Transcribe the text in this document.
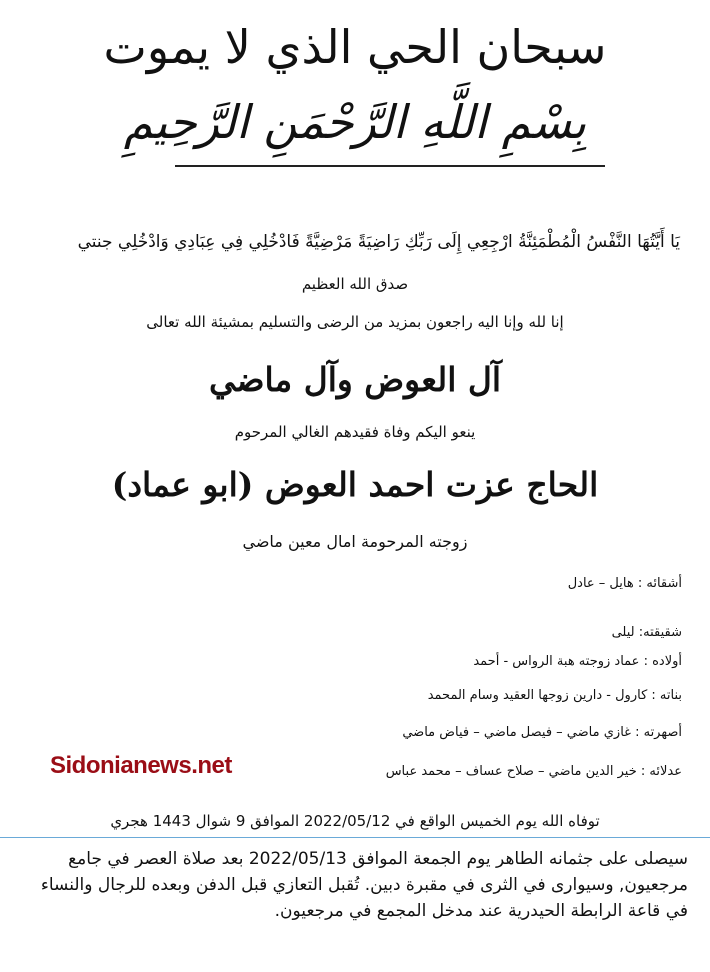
سبحان الحي الذي لا يموت
بِسْمِ اللَّهِ الرَّحْمَنِ الرَّحِيمِ
يَا أَيَّتُهَا النَّفْسُ الْمُطْمَئِنَّةُ ارْجِعِي إِلَى رَبِّكِ رَاضِيَةً مَرْضِيَّةً فَادْخُلِي فِي عِبَادِي وَادْخُلِي جنتي
صدق الله العظيم
إنا لله وإنا اليه راجعون بمزيد من الرضى والتسليم بمشيئة الله تعالى
آل العوض وآل ماضي
ينعو اليكم وفاة فقيدهم الغالي المرحوم
الحاج عزت احمد العوض (ابو عماد)
زوجته المرحومة امال معين ماضي
أشقائه : هايل – عادل
شقيقته: ليلى
أولاده : عماد زوجته هبة الرواس - أحمد
بناته : كارول - دارين زوجها العقيد وسام المحمد
أصهرته : غازي ماضي – فيصل ماضي – فياض ماضي
عدلائه : خير الدين ماضي – صلاح عساف – محمد عباس
Sidonianews.net
توفاه الله يوم الخميس الواقع في 2022/05/12 الموافق 9 شوال 1443 هجري
سيصلى على جثمانه الطاهر يوم الجمعة الموافق 2022/05/13 بعد صلاة العصر في جامع مرجعيون, وسيوارى في الثرى في مقبرة دبين. تُقبل التعازي قبل الدفن وبعده للرجال والنساء في قاعة الرابطة الحيدرية عند مدخل المجمع في مرجعيون.
